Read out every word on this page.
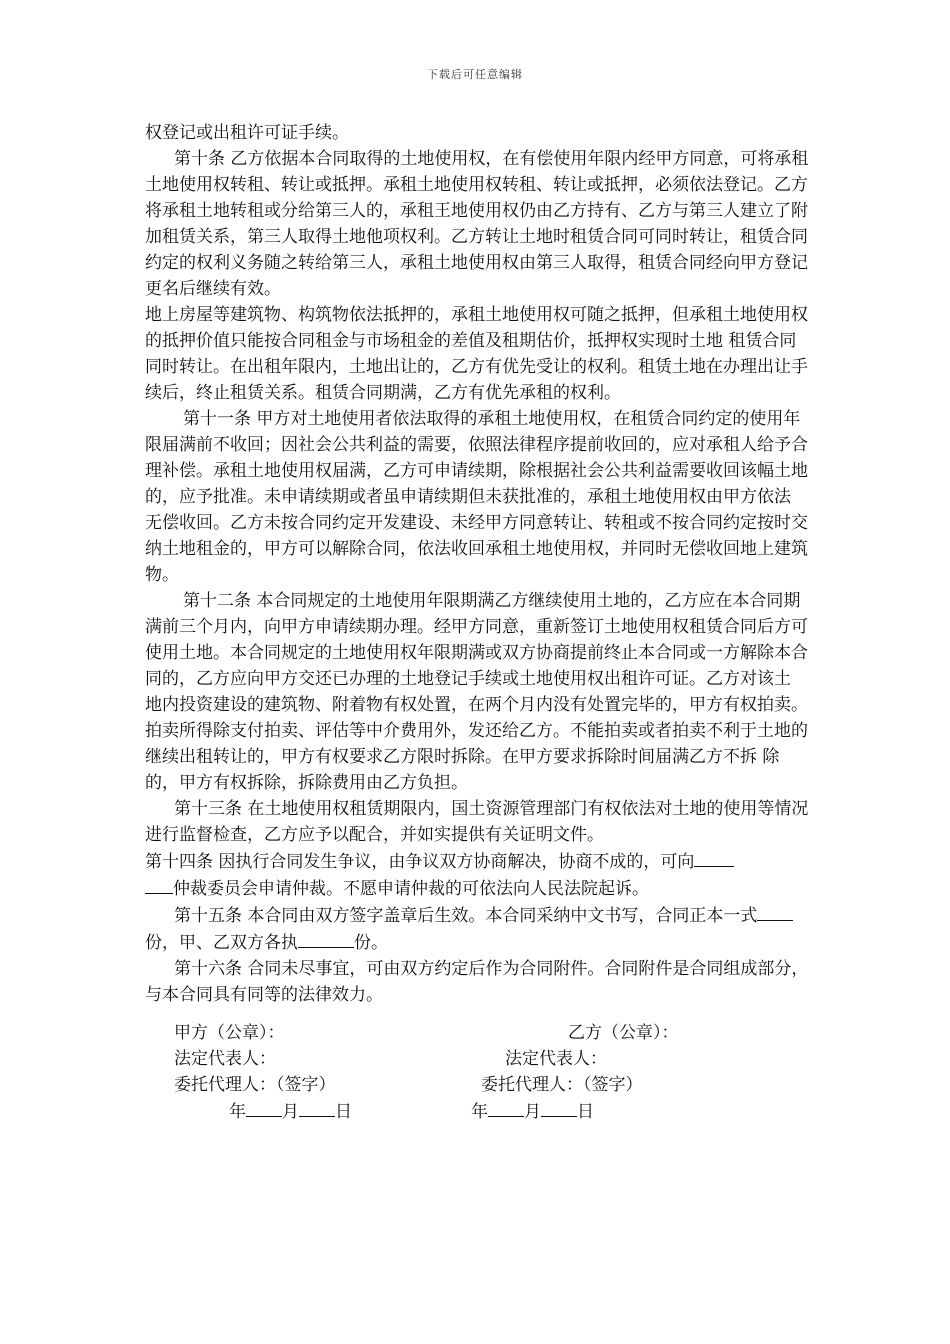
下载后可任意编辑

权登记或出租许可证手续。

第十条 乙方依据本合同取得的土地使用权，在有偿使用年限内经甲方同意，可将承租土地使用权转租、转让或抵押。承租土地使用权转租、转让或抵押，必须依法登记。乙方将承租土地转租或分给第三人的，承租王地使用权仍由乙方持有、乙方与第三人建立了附加租赁关系，第三人取得土地他项权利。乙方转让土地时租赁合同可同时转让，租赁合同约定的权利义务随之转给第三人，承租土地使用权由第三人取得，租赁合同经向甲方登记更名后继续有效。

地上房屋等建筑物、构筑物依法抵押的，承租土地使用权可随之抵押，但承租土地使用权的抵押价值只能按合同租金与市场租金的差值及租期估价，抵押权实现时土地 租赁合同同时转让。在出租年限内，土地出让的，乙方有优先受让的权利。租赁土地在办理出让手续后，终止租赁关系。租赁合同期满，乙方有优先承租的权利。

第十一条 甲方对土地使用者依法取得的承租土地使用权，在租赁合同约定的使用年限届满前不收回；因社会公共利益的需要，依照法律程序提前收回的，应对承租人给予合理补偿。承租土地使用权届满，乙方可申请续期，除根据社会公共利益需要收回该幅土地的，应予批准。未申请续期或者虽申请续期但未获批准的，承租土地使用权由甲方依法 无偿收回。乙方未按合同约定开发建设、未经甲方同意转让、转租或不按合同约定按时交纳土地租金的，甲方可以解除合同，依法收回承租土地使用权，并同时无偿收回地上建筑物。

第十二条 本合同规定的土地使用年限期满乙方继续使用土地的，乙方应在本合同期满前三个月内，向甲方申请续期办理。经甲方同意，重新签订土地使用权租赁合同后方可使用土地。本合同规定的土地使用权年限期满或双方协商提前终止本合同或一方解除本合同的，乙方应向甲方交还已办理的土地登记手续或土地使用权出租许可证。乙方对该土 地内投资建设的建筑物、附着物有权处置，在两个月内没有处置完毕的，甲方有权拍卖。拍卖所得除支付拍卖、评估等中介费用外，发还给乙方。不能拍卖或者拍卖不利于土地的继续出租转让的，甲方有权要求乙方限时拆除。在甲方要求拆除时间届满乙方不拆 除的，甲方有权拆除，拆除费用由乙方负担。

第十三条 在土地使用权租赁期限内，国土资源管理部门有权依法对土地的使用等情况进行监督检查，乙方应予以配合，并如实提供有关证明文件。

第十四条 因执行合同发生争议，由争议双方协商解决，协商不成的，可向
仲裁委员会申请仲裁。不愿申请仲裁的可依法向人民法院起诉。

第十五条 本合同由双方签字盖章后生效。本合同采纳中文书写，合同正本一式份，甲、乙双方各执	份。

第十六条 合同未尽事宜，可由双方约定后作为合同附件。合同附件是合同组成部分，与本合同具有同等的法律效力。

甲方（公章）：	乙方（公章）：
法定代表人：	法定代表人：
委托代理人：（签字）	委托代理人：（签字）
年 月 日	年 月 日
